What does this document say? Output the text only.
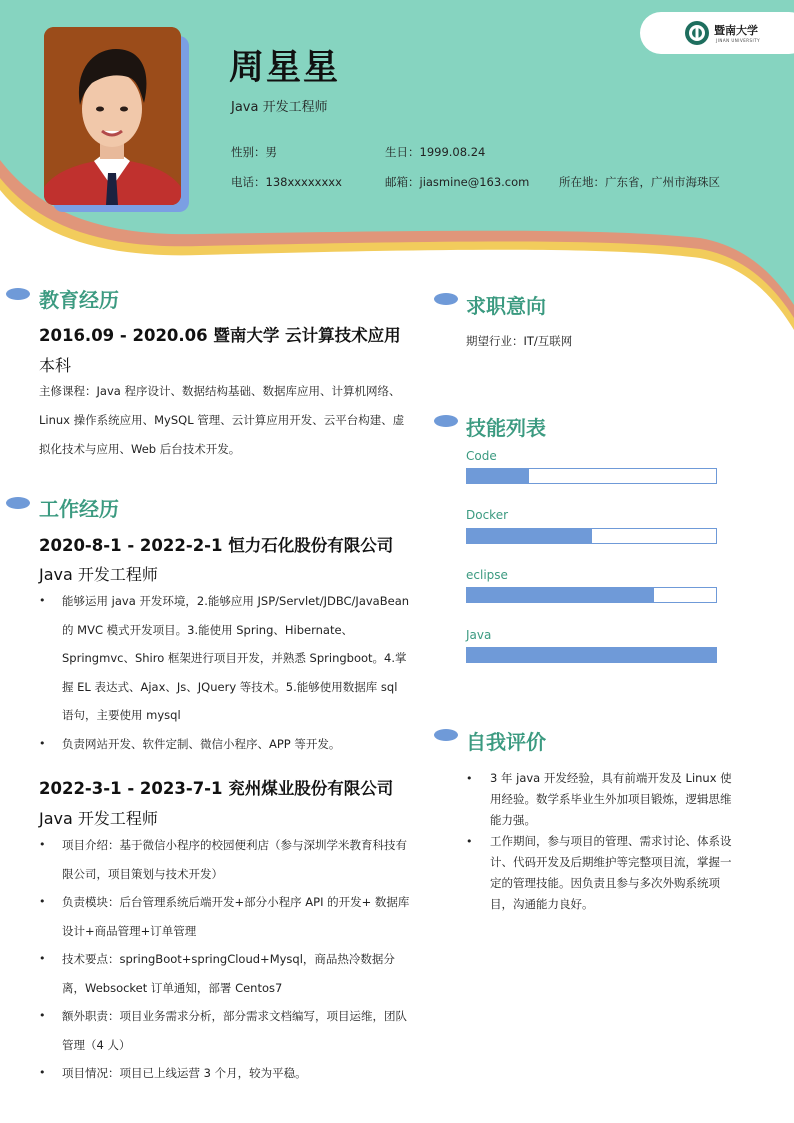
暨南大学
JINAN UNIVERSITY
周星星
Java 开发工程师
性别：男	生日：1999.08.24
电话：138xxxxxxxx	邮箱：jiasmine@163.com	所在地：广东省，广州市海珠区
教育经历
2016.09 - 2020.06 暨南大学 云计算技术应用
本科
主修课程：Java 程序设计、数据结构基础、数据库应用、计算机网络、Linux 操作系统应用、MySQL 管理、云计算应用开发、云平台构建、虚拟化技术与应用、Web 后台技术开发。
工作经历
2020-8-1 - 2022-2-1 恒力石化股份有限公司
Java 开发工程师
• 能够运用 java 开发环境，2.能够应用 JSP/Servlet/JDBC/JavaBean 的 MVC 模式开发项目。3.能使用 Spring、Hibernate、Springmvc、Shiro 框架进行项目开发，并熟悉 Springboot。4.掌握 EL 表达式、Ajax、Js、JQuery 等技术。5.能够使用数据库 sql 语句，主要使用 mysql
• 负责网站开发、软件定制、微信小程序、APP 等开发。
2022-3-1 - 2023-7-1 兖州煤业股份有限公司
Java 开发工程师
• 项目介绍：基于微信小程序的校园便利店（参与深圳学米教育科技有限公司，项目策划与技术开发）
• 负责模块：后台管理系统后端开发+部分小程序 API 的开发+ 数据库设计+商品管理+订单管理
• 技术要点：springBoot+springCloud+Mysql，商品热冷数据分离，Websocket 订单通知，部署 Centos7
• 额外职责：项目业务需求分析，部分需求文档编写，项目运维，团队管理（4 人）
• 项目情况：项目已上线运营 3 个月，较为平稳。
求职意向
期望行业：IT/互联网
技能列表
Code
Docker
eclipse
Java
自我评价
• 3 年 java 开发经验，具有前端开发及 Linux 使用经验。数学系毕业生外加项目锻炼，逻辑思维能力强。
• 工作期间，参与项目的管理、需求讨论、体系设计、代码开发及后期维护等完整项目流，掌握一定的管理技能。因负责且参与多次外购系统项目，沟通能力良好。
